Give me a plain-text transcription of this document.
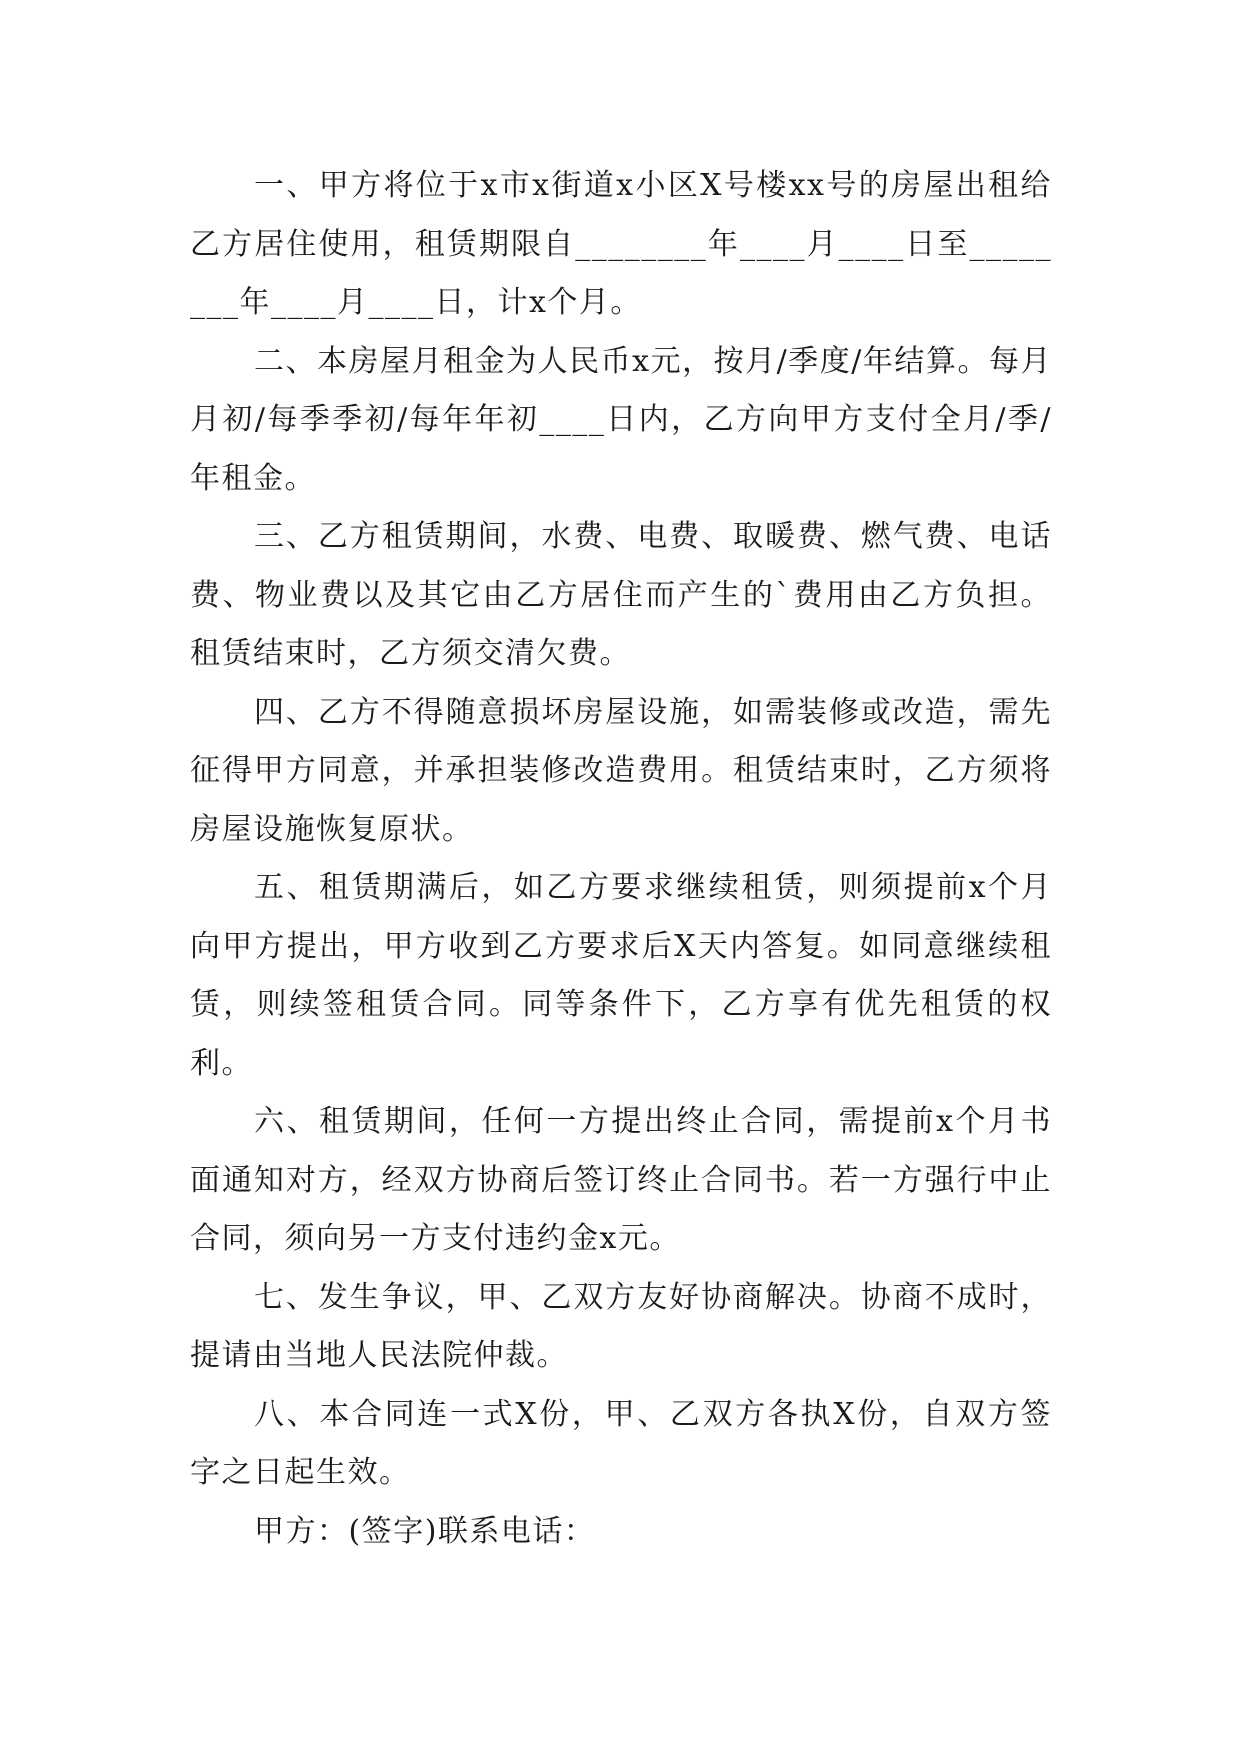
一、甲方将位于x市x街道x小区X号楼xx号的房屋出租给乙方居住使用，租赁期限自________年____月____日至________年____月____日，计x个月。

二、本房屋月租金为人民币x元，按月/季度/年结算。每月月初/每季季初/每年年初____日内，乙方向甲方支付全月/季/年租金。

三、乙方租赁期间，水费、电费、取暖费、燃气费、电话费、物业费以及其它由乙方居住而产生的`费用由乙方负担。租赁结束时，乙方须交清欠费。

四、乙方不得随意损坏房屋设施，如需装修或改造，需先征得甲方同意，并承担装修改造费用。租赁结束时，乙方须将房屋设施恢复原状。

五、租赁期满后，如乙方要求继续租赁，则须提前x个月向甲方提出，甲方收到乙方要求后X天内答复。如同意继续租赁，则续签租赁合同。同等条件下，乙方享有优先租赁的权利。

六、租赁期间，任何一方提出终止合同，需提前x个月书面通知对方，经双方协商后签订终止合同书。若一方强行中止合同，须向另一方支付违约金x元。

七、发生争议，甲、乙双方友好协商解决。协商不成时，提请由当地人民法院仲裁。

八、本合同连一式X份，甲、乙双方各执X份，自双方签字之日起生效。

甲方：(签字)联系电话：
